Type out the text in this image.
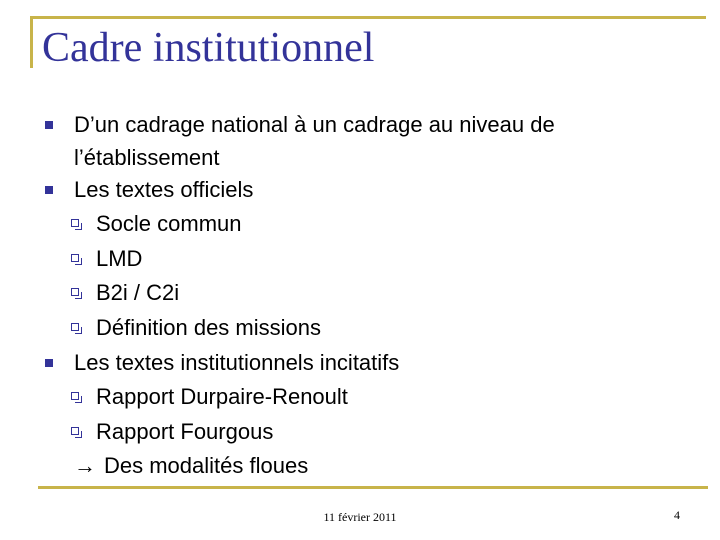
Cadre institutionnel
D’un cadrage national à un cadrage au niveau de
l’établissement
Les textes officiels
Socle commun
LMD
B2i / C2i
Définition des missions
Les textes institutionnels incitatifs
Rapport Durpaire-Renoult
Rapport Fourgous
→ Des modalités floues
11 février 2011	4
